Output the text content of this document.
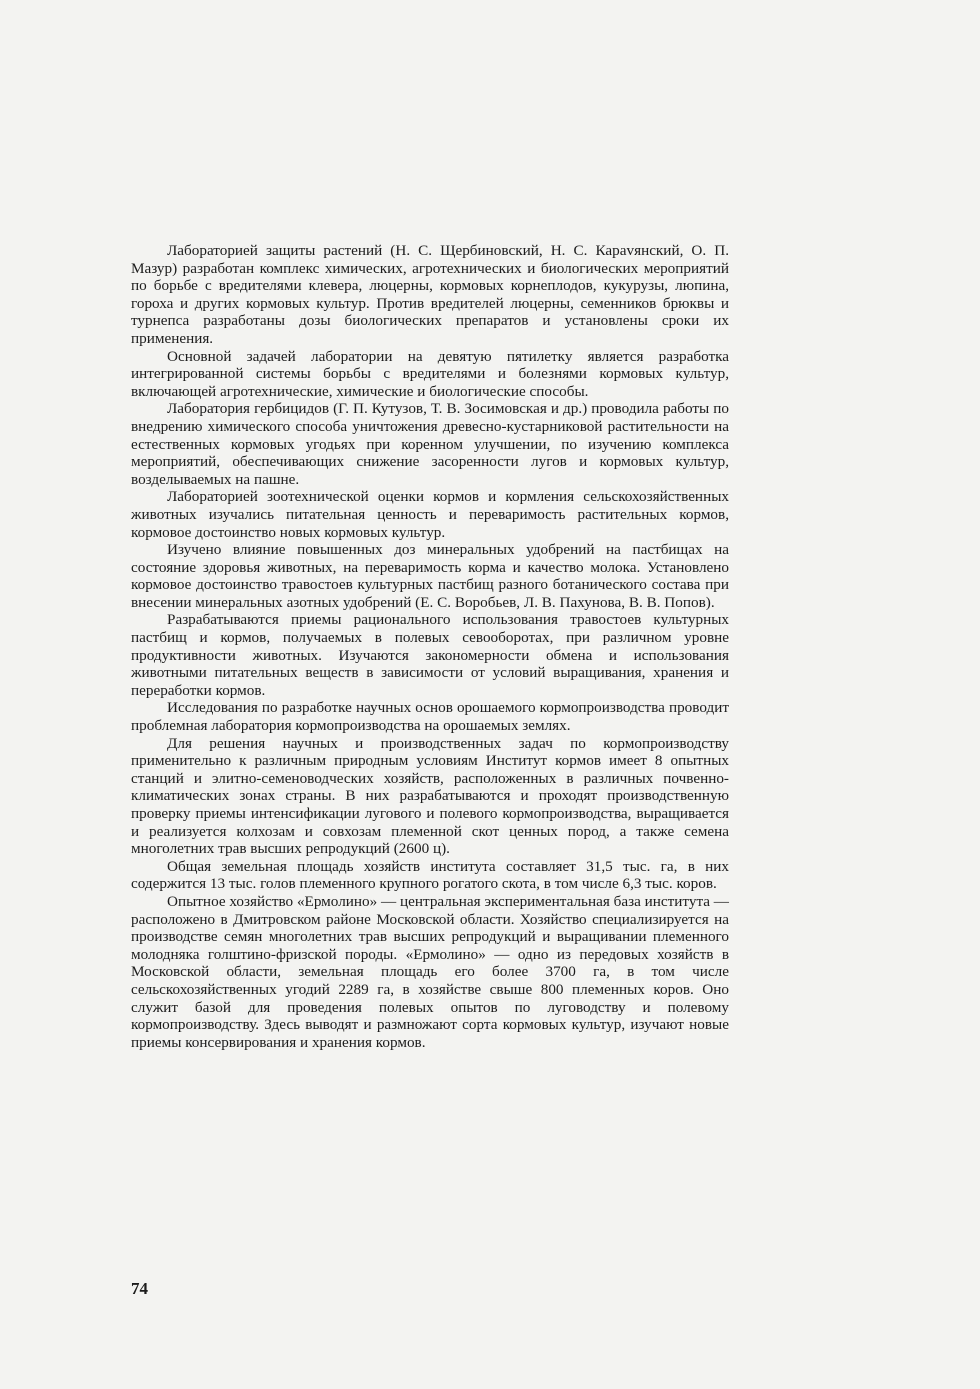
Лабораторией защиты растений (Н. С. Щербиновский, Н. С. Карavянский, О. П. Мазур) разработан комплекс химических, агротехнических и биологических мероприятий по борьбе с вредителями клевера, люцерны, кормовых корнеплодов, кукурузы, люпина, гороха и других кормовых культур. Против вредителей люцерны, семенников брюквы и турнепса разработаны дозы биологических препаратов и установлены сроки их применения.

Основной задачей лаборатории на девятую пятилетку является разработка интегрированной системы борьбы с вредителями и болезнями кормовых культур, включающей агротехнические, химические и биологические способы.

Лаборатория гербицидов (Г. П. Кутузов, Т. В. Зосимовская и др.) проводила работы по внедрению химического способа уничтожения древесно-кустарниковой растительности на естественных кормовых угодьях при коренном улучшении, по изучению комплекса мероприятий, обеспечивающих снижение засоренности лугов и кормовых культур, возделываемых на пашне.

Лабораторией зоотехнической оценки кормов и кормления сельскохозяйственных животных изучались питательная ценность и переваримость растительных кормов, кормовое достоинство новых кормовых культур.

Изучено влияние повышенных доз минеральных удобрений на пастбищах на состояние здоровья животных, на переваримость корма и качество молока. Установлено кормовое достоинство травостоев культурных пастбищ разного ботанического состава при внесении минеральных азотных удобрений (Е. С. Воробьев, Л. В. Пахунова, В. В. Попов).

Разрабатываются приемы рационального использования травостоев культурных пастбищ и кормов, получаемых в полевых севооборотах, при различном уровне продуктивности животных. Изучаются закономерности обмена и использования животными питательных веществ в зависимости от условий выращивания, хранения и переработки кормов.

Исследования по разработке научных основ орошаемого кормопроизводства проводит проблемная лаборатория кормопроизводства на орошаемых землях.

Для решения научных и производственных задач по кормопроизводству применительно к различным природным условиям Институт кормов имеет 8 опытных станций и элитно-семеноводческих хозяйств, расположенных в различных почвенно-климатических зонах страны. В них разрабатываются и проходят производственную проверку приемы интенсификации лугового и полевого кормопроизводства, выращивается и реализуется колхозам и совхозам племенной скот ценных пород, а также семена многолетних трав высших репродукций (2600 ц).

Общая земельная площадь хозяйств института составляет 31,5 тыс. га, в них содержится 13 тыс. голов племенного крупного рогатого скота, в том числе 6,3 тыс. коров.

Опытное хозяйство «Ермолино» — центральная экспериментальная база института — расположено в Дмитровском районе Московской области. Хозяйство специализируется на производстве семян многолетних трав высших репродукций и выращивании племенного молодняка голштино-фризской породы. «Ермолино» — одно из передовых хозяйств в Московской области, земельная площадь его более 3700 га, в том числе сельскохозяйственных угодий 2289 га, в хозяйстве свыше 800 племенных коров. Оно служит базой для проведения полевых опытов по луговодству и полевому кормопроизводству. Здесь выводят и размножают сорта кормовых культур, изучают новые приемы консервирования и хранения кормов.

74
